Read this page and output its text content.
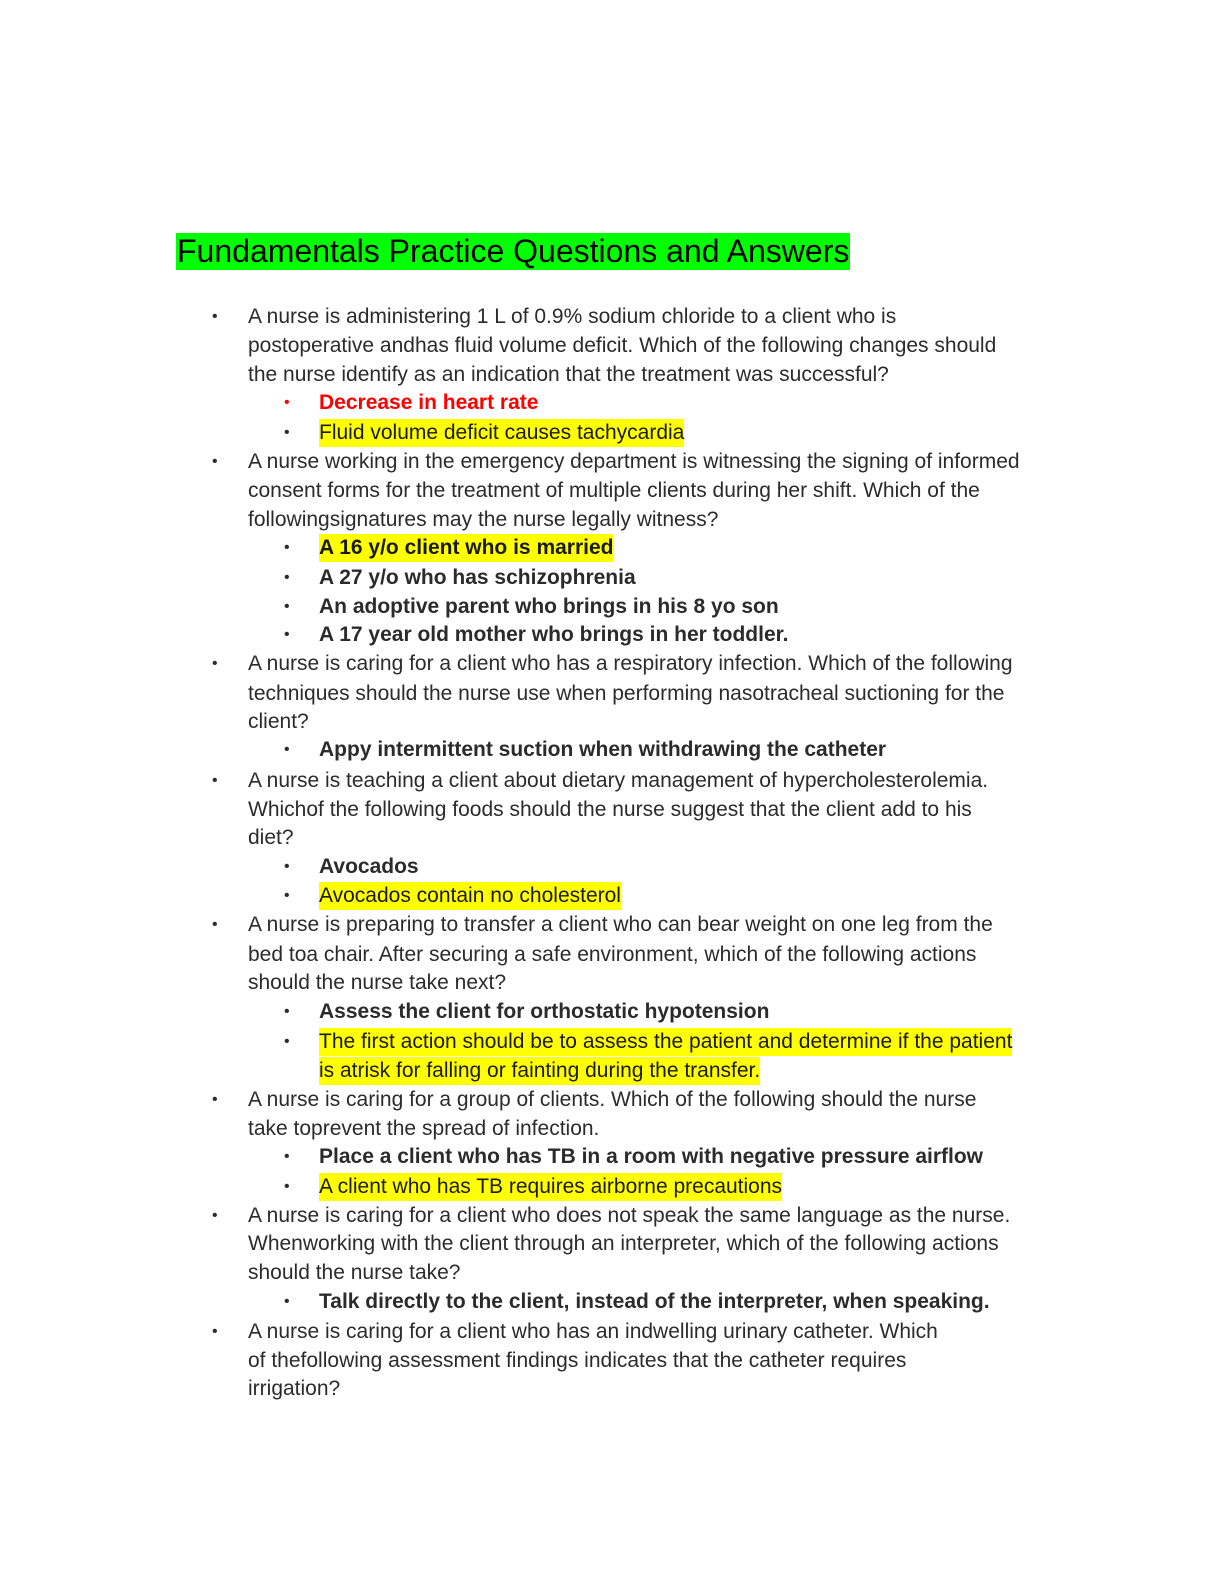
Fundamentals Practice Questions and Answers
• A nurse is administering 1 L of 0.9% sodium chloride to a client who is
postoperative andhas fluid volume deficit. Which of the following changes should
the nurse identify as an indication that the treatment was successful?
• Decrease in heart rate
• Fluid volume deficit causes tachycardia
• A nurse working in the emergency department is witnessing the signing of informed
consent forms for the treatment of multiple clients during her shift. Which of the
followingsignatures may the nurse legally witness?
• A 16 y/o client who is married
• A 27 y/o who has schizophrenia
• An adoptive parent who brings in his 8 yo son
• A 17 year old mother who brings in her toddler.
• A nurse is caring for a client who has a respiratory infection. Which of the following
techniques should the nurse use when performing nasotracheal suctioning for the
client?
• Appy intermittent suction when withdrawing the catheter
• A nurse is teaching a client about dietary management of hypercholesterolemia.
Whichof the following foods should the nurse suggest that the client add to his
diet?
• Avocados
• Avocados contain no cholesterol
• A nurse is preparing to transfer a client who can bear weight on one leg from the
bed toa chair. After securing a safe environment, which of the following actions
should the nurse take next?
• Assess the client for orthostatic hypotension
• The first action should be to assess the patient and determine if the patient
is atrisk for falling or fainting during the transfer.
• A nurse is caring for a group of clients. Which of the following should the nurse
take toprevent the spread of infection.
• Place a client who has TB in a room with negative pressure airflow
• A client who has TB requires airborne precautions
• A nurse is caring for a client who does not speak the same language as the nurse.
Whenworking with the client through an interpreter, which of the following actions
should the nurse take?
• Talk directly to the client, instead of the interpreter, when speaking.
• A nurse is caring for a client who has an indwelling urinary catheter. Which
of thefollowing assessment findings indicates that the catheter requires
irrigation?
